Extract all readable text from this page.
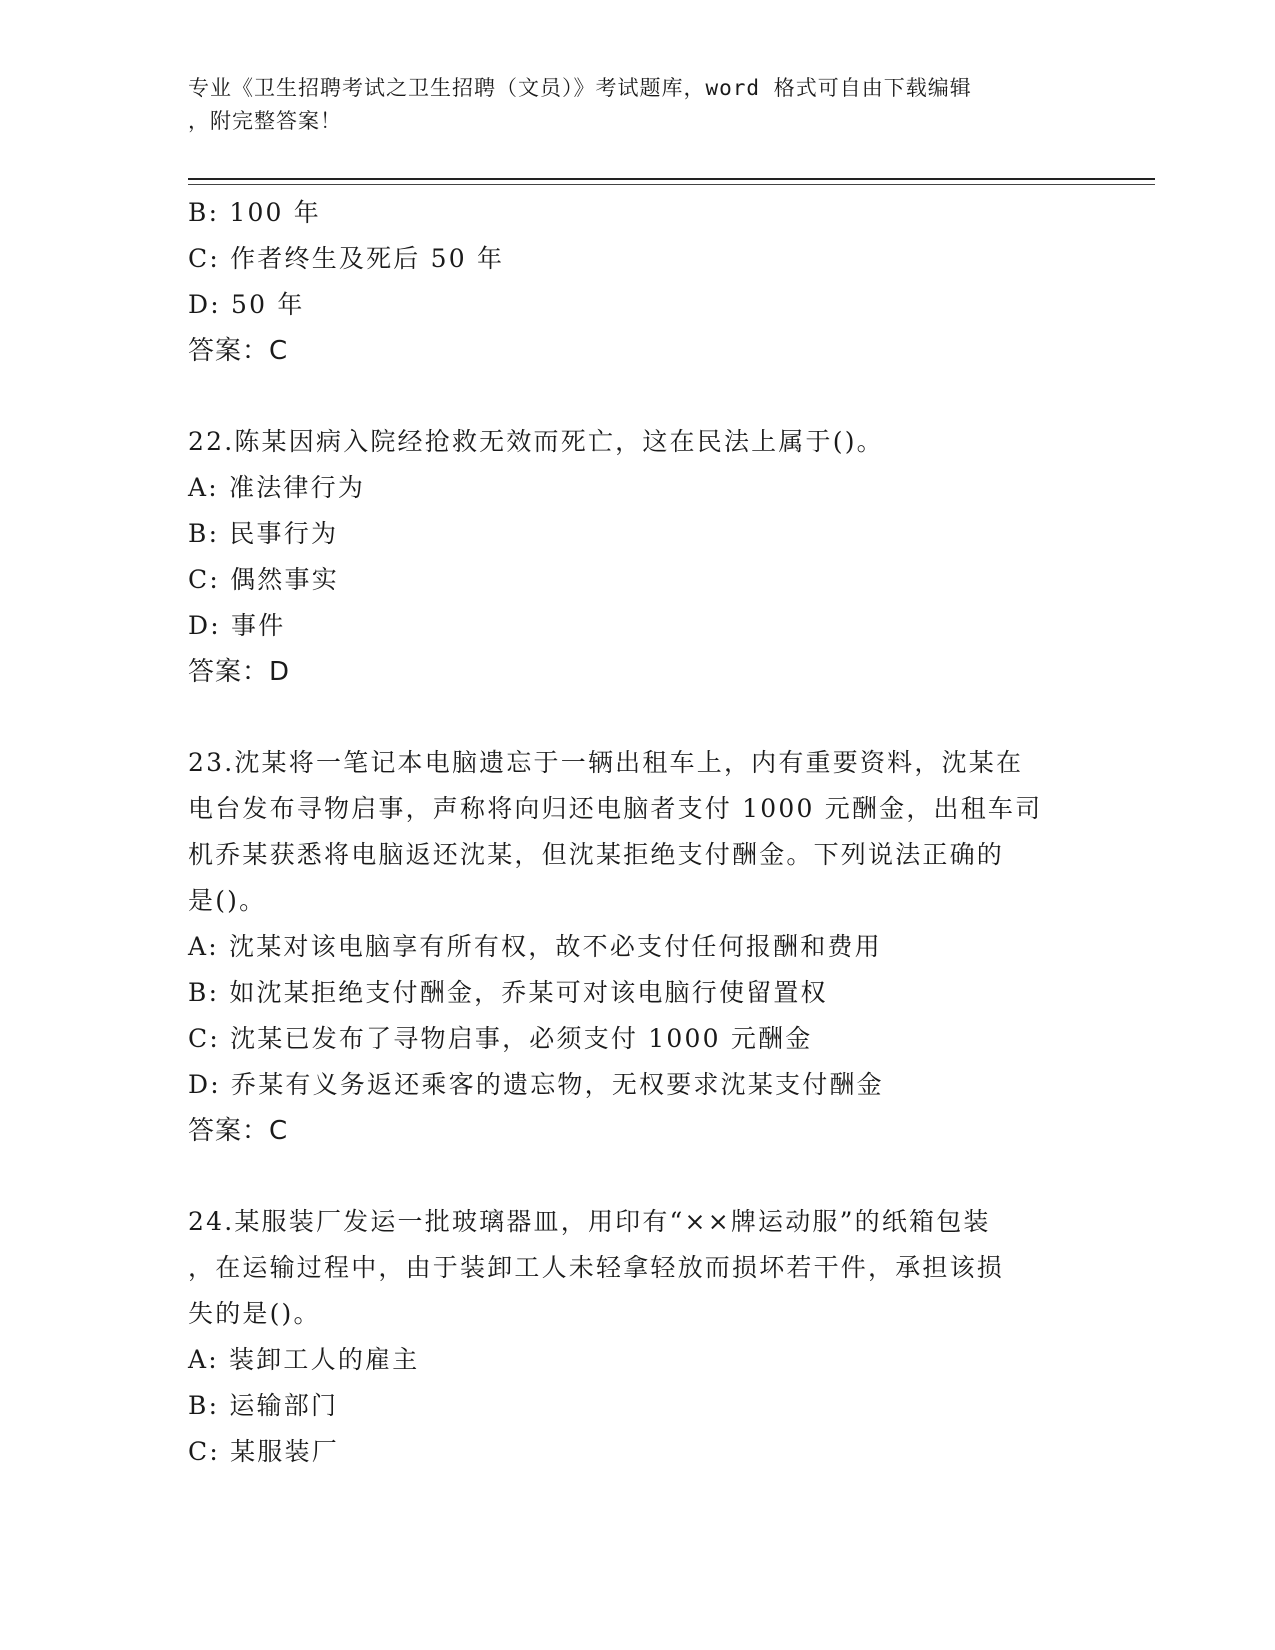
专业《卫生招聘考试之卫生招聘（文员）》考试题库，word 格式可自由下载编辑
，附完整答案！
B: 100 年
C: 作者终生及死后 50 年
D: 50 年
答案：C
22.陈某因病入院经抢救无效而死亡，这在民法上属于()。
A: 准法律行为
B: 民事行为
C: 偶然事实
D: 事件
答案：D
23.沈某将一笔记本电脑遗忘于一辆出租车上，内有重要资料，沈某在
电台发布寻物启事，声称将向归还电脑者支付 1000 元酬金，出租车司
机乔某获悉将电脑返还沈某，但沈某拒绝支付酬金。下列说法正确的
是()。
A: 沈某对该电脑享有所有权，故不必支付任何报酬和费用
B: 如沈某拒绝支付酬金，乔某可对该电脑行使留置权
C: 沈某已发布了寻物启事，必须支付 1000 元酬金
D: 乔某有义务返还乘客的遗忘物，无权要求沈某支付酬金
答案：C
24.某服装厂发运一批玻璃器皿，用印有“××牌运动服”的纸箱包装
，在运输过程中，由于装卸工人未轻拿轻放而损坏若干件，承担该损
失的是()。
A: 装卸工人的雇主
B: 运输部门
C: 某服装厂
